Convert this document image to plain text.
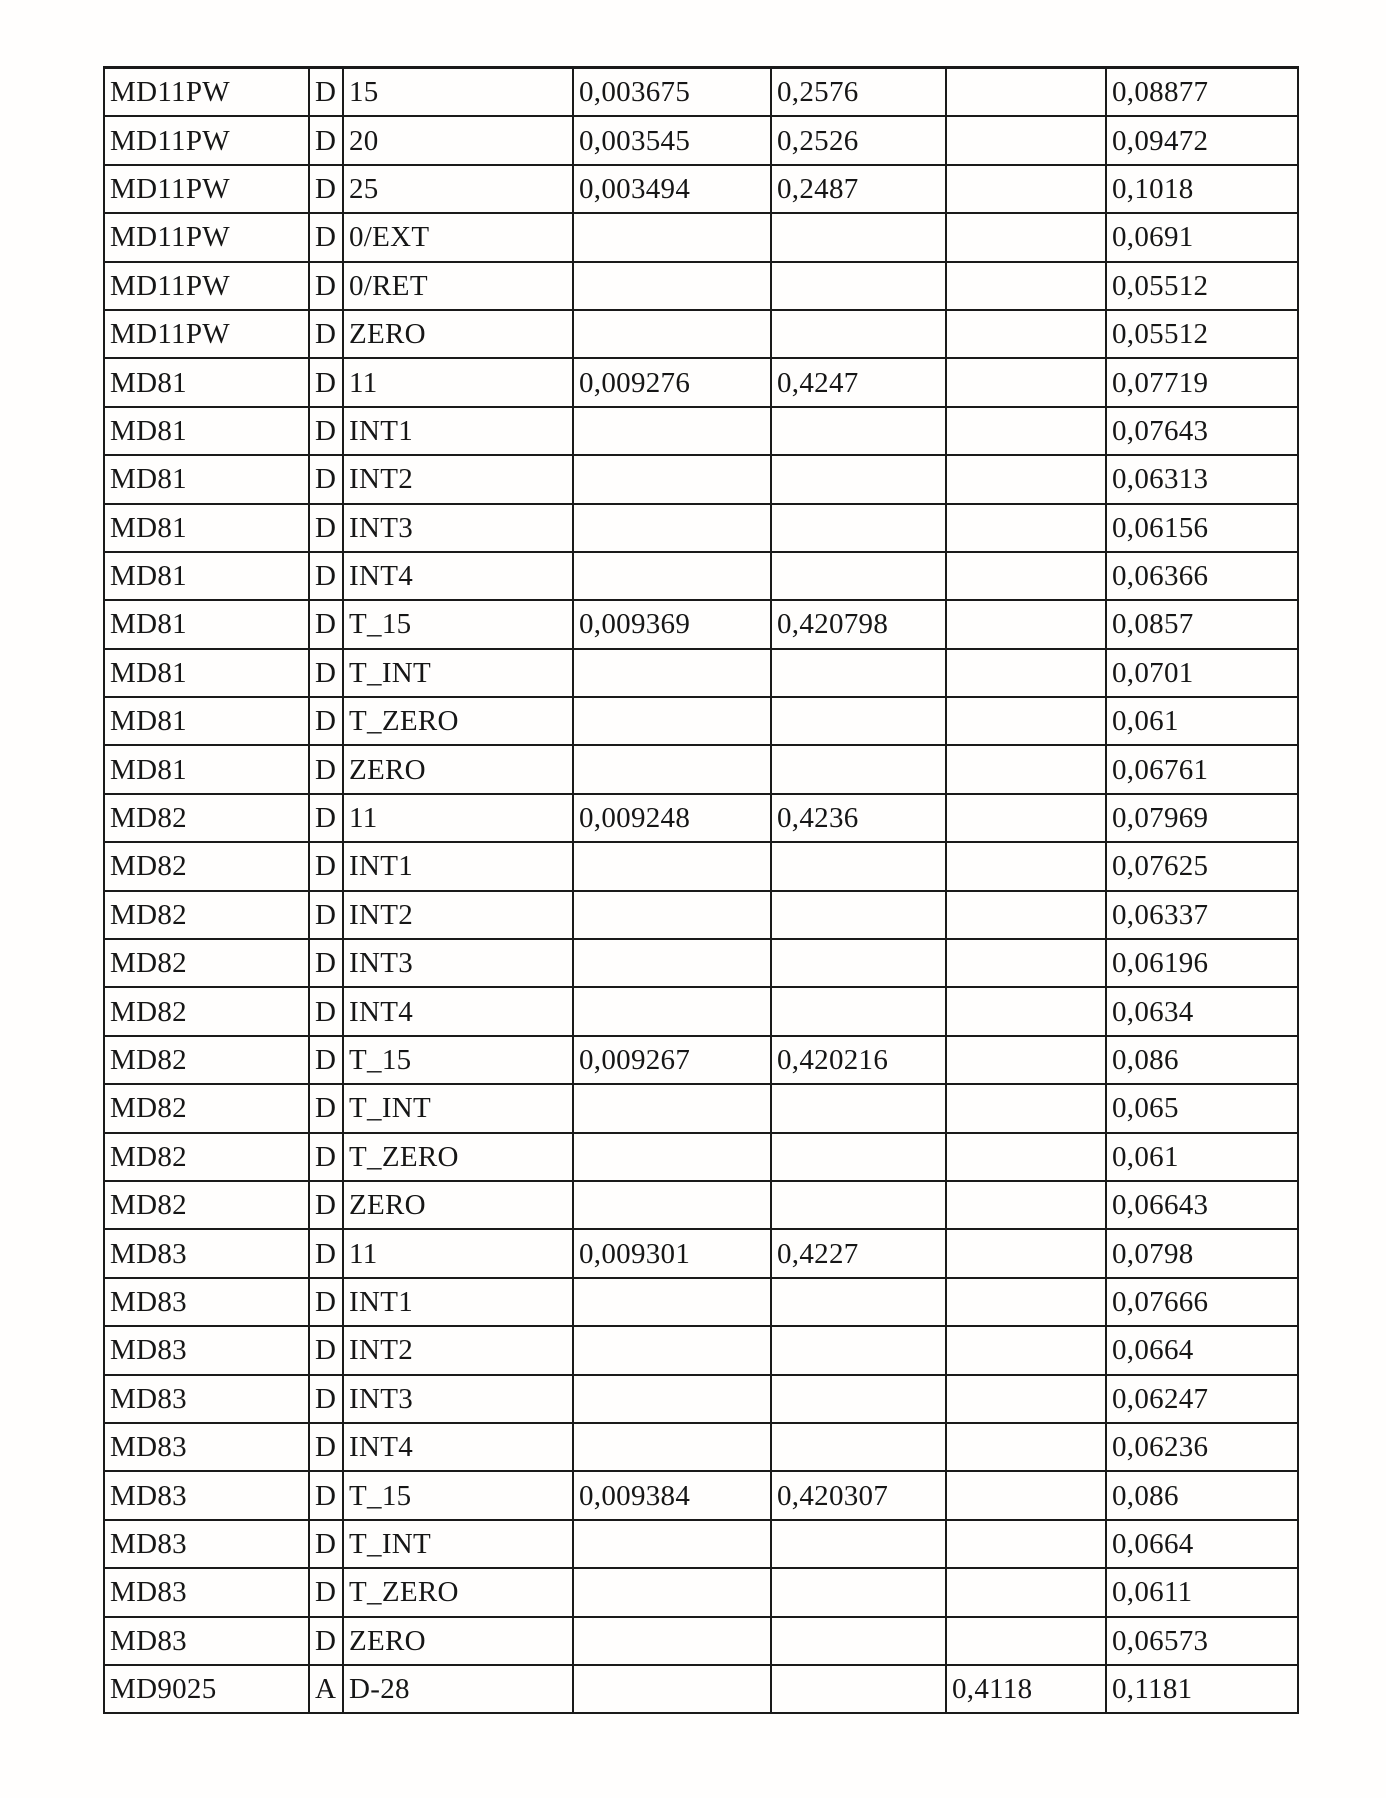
MD11PW	D	15	0,003675	0,2576		0,08877
MD11PW	D	20	0,003545	0,2526		0,09472
MD11PW	D	25	0,003494	0,2487		0,1018
MD11PW	D	0/EXT				0,0691
MD11PW	D	0/RET				0,05512
MD11PW	D	ZERO				0,05512
MD81	D	11	0,009276	0,4247		0,07719
MD81	D	INT1				0,07643
MD81	D	INT2				0,06313
MD81	D	INT3				0,06156
MD81	D	INT4				0,06366
MD81	D	T_15	0,009369	0,420798		0,0857
MD81	D	T_INT				0,0701
MD81	D	T_ZERO				0,061
MD81	D	ZERO				0,06761
MD82	D	11	0,009248	0,4236		0,07969
MD82	D	INT1				0,07625
MD82	D	INT2				0,06337
MD82	D	INT3				0,06196
MD82	D	INT4				0,0634
MD82	D	T_15	0,009267	0,420216		0,086
MD82	D	T_INT				0,065
MD82	D	T_ZERO				0,061
MD82	D	ZERO				0,06643
MD83	D	11	0,009301	0,4227		0,0798
MD83	D	INT1				0,07666
MD83	D	INT2				0,0664
MD83	D	INT3				0,06247
MD83	D	INT4				0,06236
MD83	D	T_15	0,009384	0,420307		0,086
MD83	D	T_INT				0,0664
MD83	D	T_ZERO				0,0611
MD83	D	ZERO				0,06573
MD9025	A	D-28			0,4118	0,1181
